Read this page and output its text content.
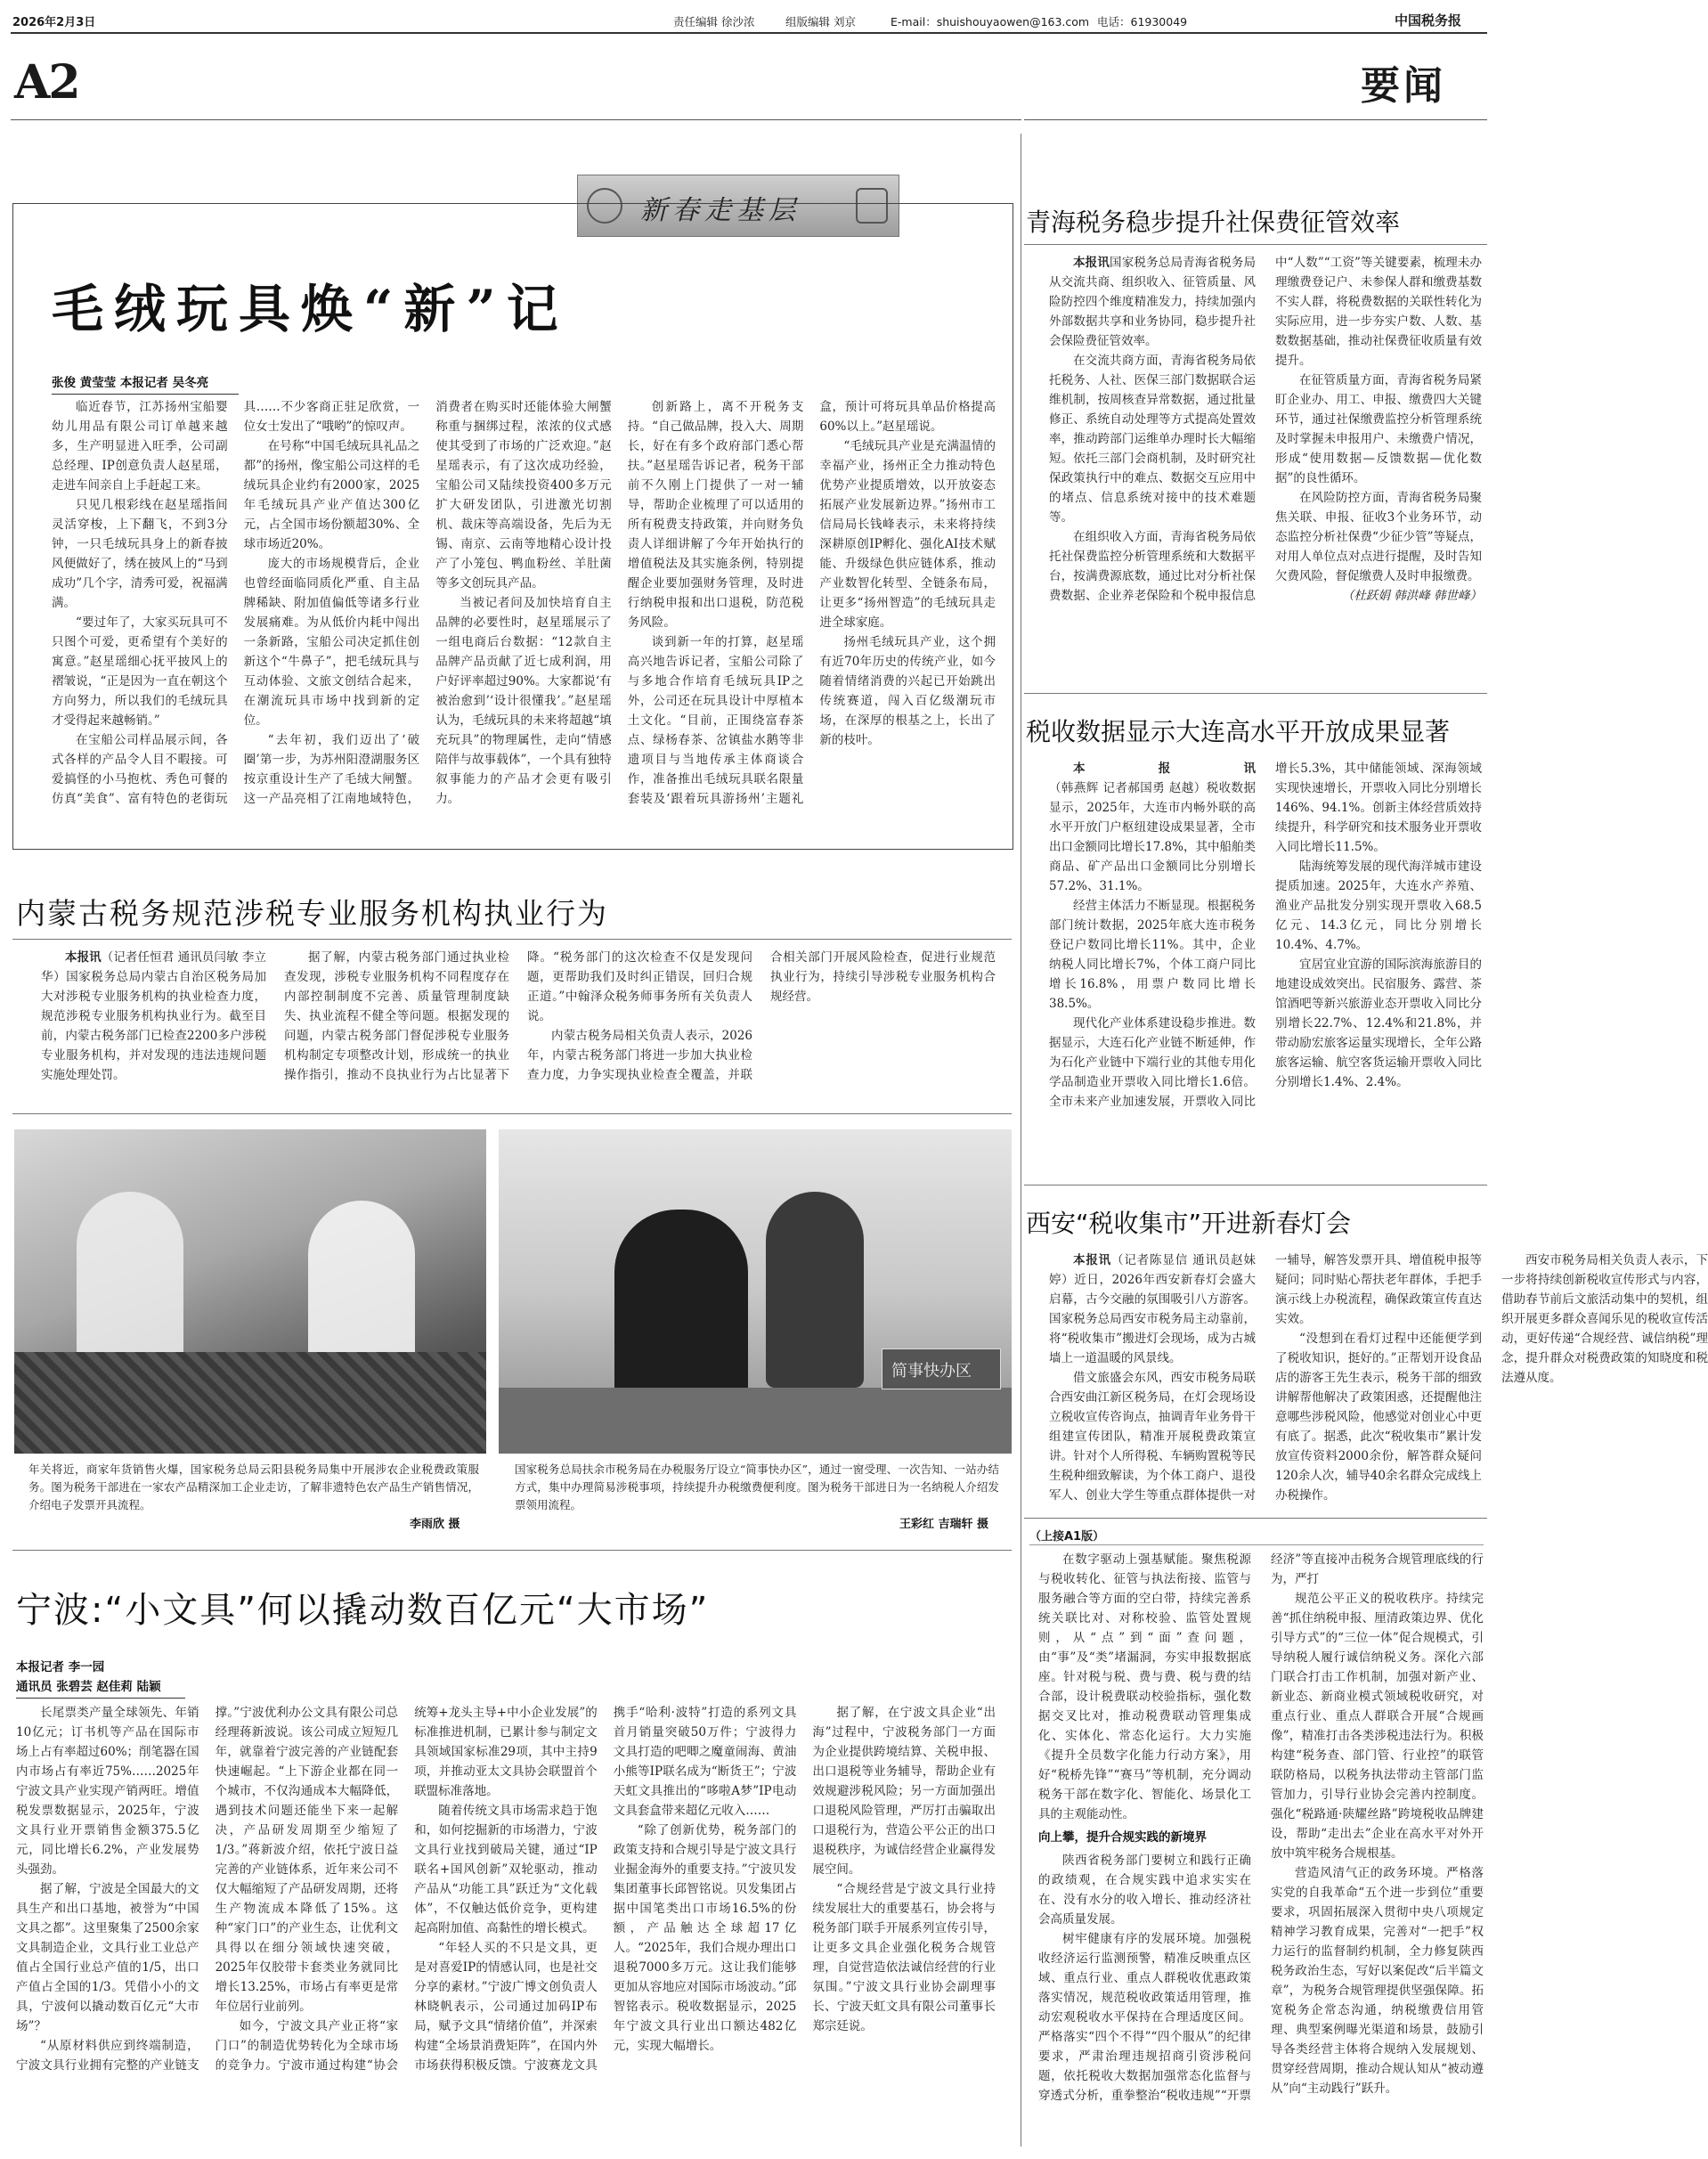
2026年2月3日	责任编辑 徐沙浓	组版编辑 刘京	E-mail：shuishouyaowen@163.com 电话：61930049	中国税务报
A2	要闻
新春走基层
毛绒玩具焕“新”记
张俊 黄莹莹 本报记者 吴冬亮

临近春节，江苏扬州宝船婴幼儿用品有限公司订单越来越多，生产明显进入旺季，公司副总经理、IP创意负责人赵星瑶，走进车间亲自上手赶起工来。

只见几根彩线在赵星瑶指间灵活穿梭，上下翻飞，不到3分钟，一只毛绒玩具身上的新春披风便做好了，绣在披风上的“马到成功”几个字，清秀可爱，祝福满满。

“要过年了，大家买玩具可不只图个可爱，更希望有个美好的寓意。”赵星瑶细心抚平披风上的褶皱说，“正是因为一直在朝这个方向努力，所以我们的毛绒玩具才受得起来越畅销。”

在宝船公司样品展示间，各式各样的产品令人目不暇接。可爱搞怪的小马抱枕、秀色可餐的仿真“美食”、富有特色的老街玩具……不少客商正驻足欣赏，一位女士发出了“哦哟”的惊叹声。

在号称“中国毛绒玩具礼品之都”的扬州，像宝船公司这样的毛绒玩具企业约有2000家，2025年毛绒玩具产业产值达300亿元，占全国市场份额超30%、全球市场近20%。

庞大的市场规模背后，企业也曾经面临同质化严重、自主品牌稀缺、附加值偏低等诸多行业发展痛难。为从低价内耗中闯出一条新路，宝船公司决定抓住创新这个“牛鼻子”，把毛绒玩具与互动体验、文旅文创结合起来，在潮流玩具市场中找到新的定位。

“去年初，我们迈出了‘破圈’第一步，为苏州阳澄湖服务区按京重设计生产了毛绒大闸蟹。这一产品亮相了江南地域特色，消费者在购买时还能体验大闸蟹称重与捆绑过程，浓浓的仪式感使其受到了市场的广泛欢迎。”赵星瑶表示，有了这次成功经验，宝船公司又陆续投资400多万元扩大研发团队，引进激光切割机、裁床等高端设备，先后为无锡、南京、云南等地精心设计投产了小笼包、鸭血粉丝、羊肚菌等多文创玩具产品。

当被记者问及加快培育自主品牌的必要性时，赵星瑶展示了一组电商后台数据：“12款自主品牌产品贡献了近七成利润，用户好评率超过90%。大家都说‘有被治愈到’‘设计很懂我’。”赵星瑶认为，毛绒玩具的未来将超越“填充玩具”的物理属性，走向“情感陪伴与故事载体”，一个具有独特叙事能力的产品才会更有吸引力。

创新路上，离不开税务支持。“自己做品牌，投入大、周期长，好在有多个政府部门悉心帮扶。”赵星瑶告诉记者，税务干部前不久刚上门提供了一对一辅导，帮助企业梳理了可以适用的所有税费支持政策，并向财务负责人详细讲解了今年开始执行的增值税法及其实施条例，特别提醒企业要加强财务管理，及时进行纳税申报和出口退税，防范税务风险。

谈到新一年的打算，赵星瑶高兴地告诉记者，宝船公司除了与多地合作培育毛绒玩具IP之外，公司还在玩具设计中厚植本土文化。“目前，正围绕富春茶点、绿杨春茶、岔镇盐水鹅等非遗项目与当地传承主体商谈合作，准备推出毛绒玩具联名限量套装及‘跟着玩具游扬州’主题礼盒，预计可将玩具单品价格提高60%以上。”赵星瑶说。

“毛绒玩具产业是充满温情的幸福产业，扬州正全力推动特色优势产业提质增效，以开放姿态拓展产业发展新边界。”扬州市工信局局长钱峰表示，未来将持续深耕原创IP孵化、强化AI技术赋能、升级绿色供应链体系，推动产业数智化转型、全链条布局，让更多“扬州智造”的毛绒玩具走进全球家庭。

扬州毛绒玩具产业，这个拥有近70年历史的传统产业，如今随着情绪消费的兴起已开始跳出传统赛道，闯入百亿级潮玩市场，在深厚的根基之上，长出了新的枝叶。

内蒙古税务规范涉税专业服务机构执业行为

本报讯（记者任恒君 通讯员闫敏 李立华）国家税务总局内蒙古自治区税务局加大对涉税专业服务机构的执业检查力度，规范涉税专业服务机构执业行为。截至目前，内蒙古税务部门已检查2200多户涉税专业服务机构，并对发现的违法违规问题实施处理处罚。

据了解，内蒙古税务部门通过执业检查发现，涉税专业服务机构不同程度存在内部控制制度不完善、质量管理制度缺失、执业流程不健全等问题。根据发现的问题，内蒙古税务部门督促涉税专业服务机构制定专项整改计划，形成统一的执业操作指引，推动不良执业行为占比显著下降。“税务部门的这次检查不仅是发现问题，更帮助我们及时纠正错误，回归合规正道。”中翰泽众税务师事务所有关负责人说。

内蒙古税务局相关负责人表示，2026年，内蒙古税务部门将进一步加大执业检查力度，力争实现执业检查全覆盖，并联合相关部门开展风险检查，促进行业规范执业行为，持续引导涉税专业服务机构合规经营。

年关将近，商家年货销售火爆，国家税务总局云阳县税务局集中开展涉农企业税费政策服务。图为税务干部进在一家农产品精深加工企业走访，了解非遗特色农产品生产销售情况，介绍电子发票开具流程。
李雨欣 摄
简事快办区
国家税务总局扶余市税务局在办税服务厅设立“简事快办区”，通过一窗受理、一次告知、一站办结方式，集中办理简易涉税事项，持续提升办税缴费便利度。图为税务干部进日为一名纳税人介绍发票领用流程。
王彩红 吉瑞轩 摄
宁波:“小文具”何以撬动数百亿元“大市场”
本报记者 李一园
通讯员 张碧芸 赵佳莉 陆颖

长尾票类产量全球领先、年销10亿元；订书机等产品在国际市场上占有率超过60%；削笔器在国内市场占有率近75%……2025年宁波文具产业实现产销两旺。增值税发票数据显示，2025年，宁波文具行业开票销售金额375.5亿元，同比增长6.2%，产业发展势头强劲。

据了解，宁波是全国最大的文具生产和出口基地，被誉为“中国文具之都”。这里聚集了2500余家文具制造企业，文具行业工业总产值占全国行业总产值的1/5，出口产值占全国的1/3。凭借小小的文具，宁波何以撬动数百亿元“大市场”？

“从原材料供应到终端制造，宁波文具行业拥有完整的产业链支撑。”宁波优利办公文具有限公司总经理蒋新波说。该公司成立短短几年，就靠着宁波完善的产业链配套快速崛起。“上下游企业都在同一个城市，不仅沟通成本大幅降低，遇到技术问题还能坐下来一起解决，产品研发周期至少缩短了1/3。”蒋新波介绍，依托宁波日益完善的产业链体系，近年来公司不仅大幅缩短了产品研发周期，还将生产物流成本降低了15%。这种“家门口”的产业生态，让优利文具得以在细分领域快速突破，2025年仅胶带卡套类业务就同比增长13.25%，市场占有率更是常年位居行业前列。

如今，宁波文具产业正将“家门口”的制造优势转化为全球市场的竞争力。宁波市通过构建“协会统筹+龙头主导+中小企业发展”的标准推进机制，已累计参与制定文具领域国家标准29项，其中主持9项，并推动亚太文具协会联盟首个联盟标准落地。

随着传统文具市场需求趋于饱和，如何挖掘新的市场潜力，宁波文具行业找到破局关键，通过“IP联名+国风创新”双轮驱动，推动产品从“功能工具”跃迁为“文化载体”，不仅触达低价竞争，更构建起高附加值、高黏性的增长模式。

“年轻人买的不只是文具，更是对喜爱IP的情感认同，也是社交分享的素材。”宁波广博文创负责人林晓帆表示，公司通过加码IP布局，赋予文具“情绪价值”，并深索构建“全场景消费矩阵”，在国内外市场获得积极反馈。宁波赛龙文具携手“哈利·波特”打造的系列文具首月销量突破50万件；宁波得力文具打造的吧唧之魔童闹海、黄油小熊等IP联名成为“断货王”；宁波天虹文具推出的“哆啦A梦”IP电动文具套盒带来超亿元收入……

“除了创新优势，税务部门的政策支持和合规引导是宁波文具行业掘金海外的重要支持。”宁波贝发集团董事长邱智铭说。贝发集团占据中国笔类出口市场16.5%的份额，产品触达全球超17亿人。“2025年，我们合规办理出口退税7000多万元。这让我们能够更加从容地应对国际市场波动。”邱智铭表示。税收数据显示，2025年宁波文具行业出口额达482亿元，实现大幅增长。

据了解，在宁波文具企业“出海”过程中，宁波税务部门一方面为企业提供跨境结算、关税申报、出口退税等业务辅导，帮助企业有效规避涉税风险；另一方面加强出口退税风险管理，严厉打击骗取出口退税行为，营造公平公正的出口退税秩序，为诚信经营企业赢得发展空间。

“合规经营是宁波文具行业持续发展壮大的重要基石，协会将与税务部门联手开展系列宣传引导，让更多文具企业强化税务合规管理，自觉营造依法诚信经营的行业氛围。”宁波文具行业协会副理事长、宁波天虹文具有限公司董事长郑宗廷说。

青海税务稳步提升社保费征管效率

本报讯国家税务总局青海省税务局从交流共商、组织收入、征管质量、风险防控四个维度精准发力，持续加强内外部数据共享和业务协同，稳步提升社会保险费征管效率。

在交流共商方面，青海省税务局依托税务、人社、医保三部门数据联合运维机制，按周核查异常数据，通过批量修正、系统自动处理等方式提高处置效率，推动跨部门运维单办理时长大幅缩短。依托三部门会商机制，及时研究社保政策执行中的难点、数据交互应用中的堵点、信息系统对接中的技术难题等。

在组织收入方面，青海省税务局依托社保费监控分析管理系统和大数据平台，按满费源底数，通过比对分析社保费数据、企业养老保险和个税申报信息中“人数”“工资”等关键要素，梳理未办理缴费登记户、未参保人群和缴费基数不实人群，将税费数据的关联性转化为实际应用，进一步夯实户数、人数、基数数据基础，推动社保费征收质量有效提升。

在征管质量方面，青海省税务局紧盯企业办、用工、申报、缴费四大关键环节，通过社保缴费监控分析管理系统及时掌握未申报用户、未缴费户情况，形成“使用数据—反馈数据—优化数据”的良性循环。

在风险防控方面，青海省税务局聚焦关联、申报、征收3个业务环节，动态监控分析社保费“少征少管”等疑点，对用人单位点对点进行提醒，及时告知欠费风险，督促缴费人及时申报缴费。

（杜跃娟 韩洪峰 韩世峰）

税收数据显示大连高水平开放成果显著

本报讯（韩燕辉 记者郝国勇 赵越）税收数据显示，2025年，大连市内畅外联的高水平开放门户枢纽建设成果显著，全市出口金额同比增长17.8%，其中船舶类商品、矿产品出口金额同比分别增长57.2%、31.1%。

经营主体活力不断显现。根据税务部门统计数据，2025年底大连市税务登记户数同比增长11%。其中，企业纳税人同比增长7%，个体工商户同比增长16.8%，用票户数同比增长38.5%。

现代化产业体系建设稳步推进。数据显示，大连石化产业链不断延伸，作为石化产业链中下端行业的其他专用化学品制造业开票收入同比增长1.6倍。全市未来产业加速发展，开票收入同比增长5.3%，其中储能领域、深海领域实现快速增长，开票收入同比分别增长146%、94.1%。创新主体经营质效持续提升，科学研究和技术服务业开票收入同比增长11.5%。

陆海统筹发展的现代海洋城市建设提质加速。2025年，大连水产养殖、渔业产品批发分别实现开票收入68.5亿元、14.3亿元，同比分别增长10.4%、4.7%。

宜居宜业宜游的国际滨海旅游目的地建设成效突出。民宿服务、露营、茶馆酒吧等新兴旅游业态开票收入同比分别增长22.7%、12.4%和21.8%，并带动励宏旅客运量实现增长，全年公路旅客运输、航空客货运输开票收入同比分别增长1.4%、2.4%。

西安“税收集市”开进新春灯会

本报讯（记者陈显信 通讯员赵妹婷）近日，2026年西安新春灯会盛大启幕，古今交融的氛围吸引八方游客。国家税务总局西安市税务局主动靠前，将“税收集市”搬进灯会现场，成为古城墙上一道温暖的风景线。

借文旅盛会东风，西安市税务局联合西安曲江新区税务局，在灯会现场设立税收宣传咨询点，抽调青年业务骨干组建宣传团队，精准开展税费政策宣讲。针对个人所得税、车辆购置税等民生税种细致解读，为个体工商户、退役军人、创业大学生等重点群体提供一对一辅导，解答发票开具、增值税申报等疑问；同时贴心帮扶老年群体，手把手演示线上办税流程，确保政策宣传直达实效。

“没想到在看灯过程中还能便学到了税收知识，挺好的。”正帮划开设食品店的游客王先生表示，税务干部的细致讲解帮他解决了政策困惑，还提醒他注意哪些涉税风险，他感觉对创业心中更有底了。据悉，此次“税收集市”累计发放宣传资料2000余份，解答群众疑问120余人次，辅导40余名群众完成线上办税操作。

西安市税务局相关负责人表示，下一步将持续创新税收宣传形式与内容，借助春节前后文旅活动集中的契机，组织开展更多群众喜闻乐见的税收宣传活动，更好传递“合规经营、诚信纳税”理念，提升群众对税费政策的知晓度和税法遵从度。

（上接A1版）

在数字驱动上强基赋能。聚焦税源与税收转化、征管与执法衔接、监管与服务融合等方面的空白带，持续完善系统关联比对、对称校验、监管处置规则，从“点”到“面”查问题，由“事”及“类”堵漏洞，夯实申报数据底座。针对税与税、费与费、税与费的结合部，设计税费联动校验指标，强化数据交叉比对，推动税费联动管理集成化、实体化、常态化运行。大力实施《提升全员数字化能力行动方案》，用好“税桥先锋”“赛马”等机制，充分调动税务干部在数字化、智能化、场景化工具的主观能动性。

向上攀，提升合规实践的新境界

陕西省税务部门要树立和践行正确的政绩观，在合规实践中追求实实在在、没有水分的收入增长、推动经济社会高质量发展。

树牢健康有序的发展环境。加强税收经济运行监测预警，精准反映重点区域、重点行业、重点人群税收优惠政策落实情况，规范税收政策适用管理，推动宏观税收水平保持在合理适度区间。严格落实“四个不得”“四个服从”的纪律要求，严肃治理违规招商引资涉税问题，依托税收大数据加强常态化监督与穿透式分析，重拳整治“税收违规”“开票经济”等直接冲击税务合规管理底线的行为，严打

规范公平正义的税收秩序。持续完善“抓住纳税申报、厘清政策边界、优化引导方式”的“三位一体”促合规模式，引导纳税人履行诚信纳税义务。深化六部门联合打击工作机制，加强对新产业、新业态、新商业模式领域税收研究，对重点行业、重点人群联合开展“合规画像”，精准打击各类涉税违法行为。积极构建“税务查、部门管、行业控”的联管联防格局，以税务执法带动主管部门监管加力，引导行业协会完善内控制度。强化“税路通·陕耀丝路”跨境税收品牌建设，帮助“走出去”企业在高水平对外开放中筑牢税务合规根基。

营造风清气正的政务环境。严格落实党的自我革命“五个进一步到位”重要要求，巩固拓展深入贯彻中央八项规定精神学习教育成果，完善对“一把手”权力运行的监督制约机制，全力修复陕西税务政治生态，写好以案促改“后半篇文章”，为税务合规管理提供坚强保障。拓宽税务企常态沟通，纳税缴费信用管理、典型案例曝光渠道和场景，鼓励引导各类经营主体将合规纳入发展规划、贯穿经营周期，推动合规认知从“被动遵从”向“主动践行”跃升。
